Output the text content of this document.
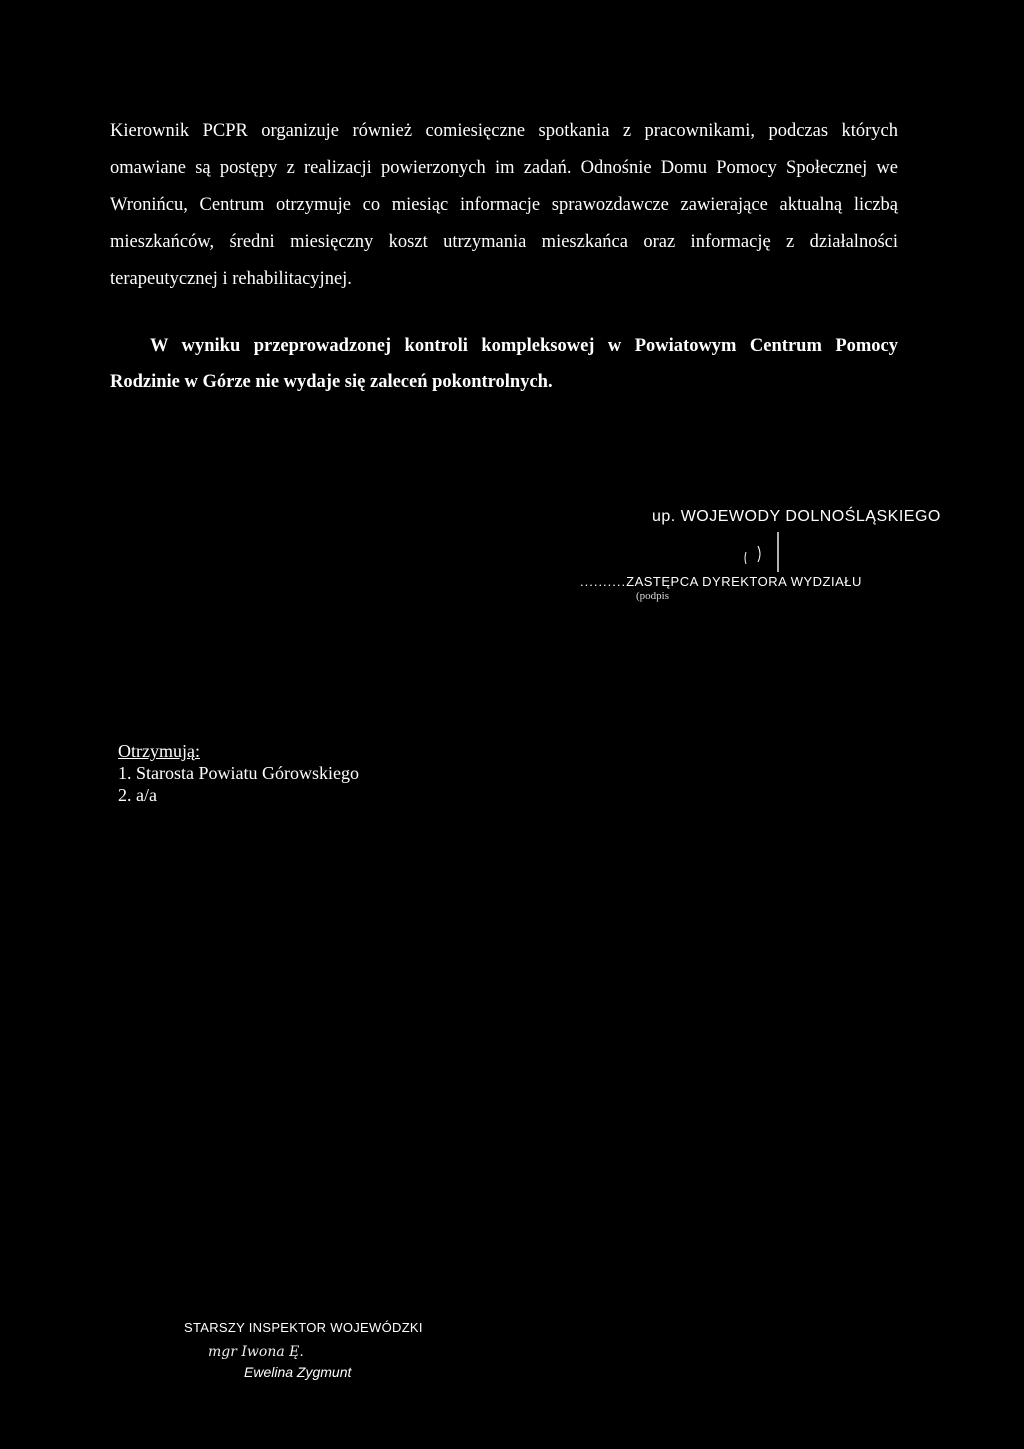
Kierownik PCPR organizuje również comiesięczne spotkania z pracownikami, podczas których omawiane są postępy z realizacji powierzonych im zadań. Odnośnie Domu Pomocy Społecznej we Wronińcu, Centrum otrzymuje co miesiąc informacje sprawozdawcze zawierające aktualną liczbą mieszkańców, średni miesięczny koszt utrzymania mieszkańca oraz informację z działalności terapeutycznej i rehabilitacyjnej.

W wyniku przeprowadzonej kontroli kompleksowej w Powiatowym Centrum Pomocy Rodzinie w Górze nie wydaje się zaleceń pokontrolnych.

up. WOJEWODY DOLNOŚLĄSKIEGO
..........ZASTĘPCA DYREKTORA WYDZIAŁU
(podpis
Otrzymują:
1. Starosta Powiatu Górowskiego
2. a/a
STARSZY INSPEKTOR WOJEWÓDZKI
mgr Iwona Ę.
Ewelina Zygmunt
